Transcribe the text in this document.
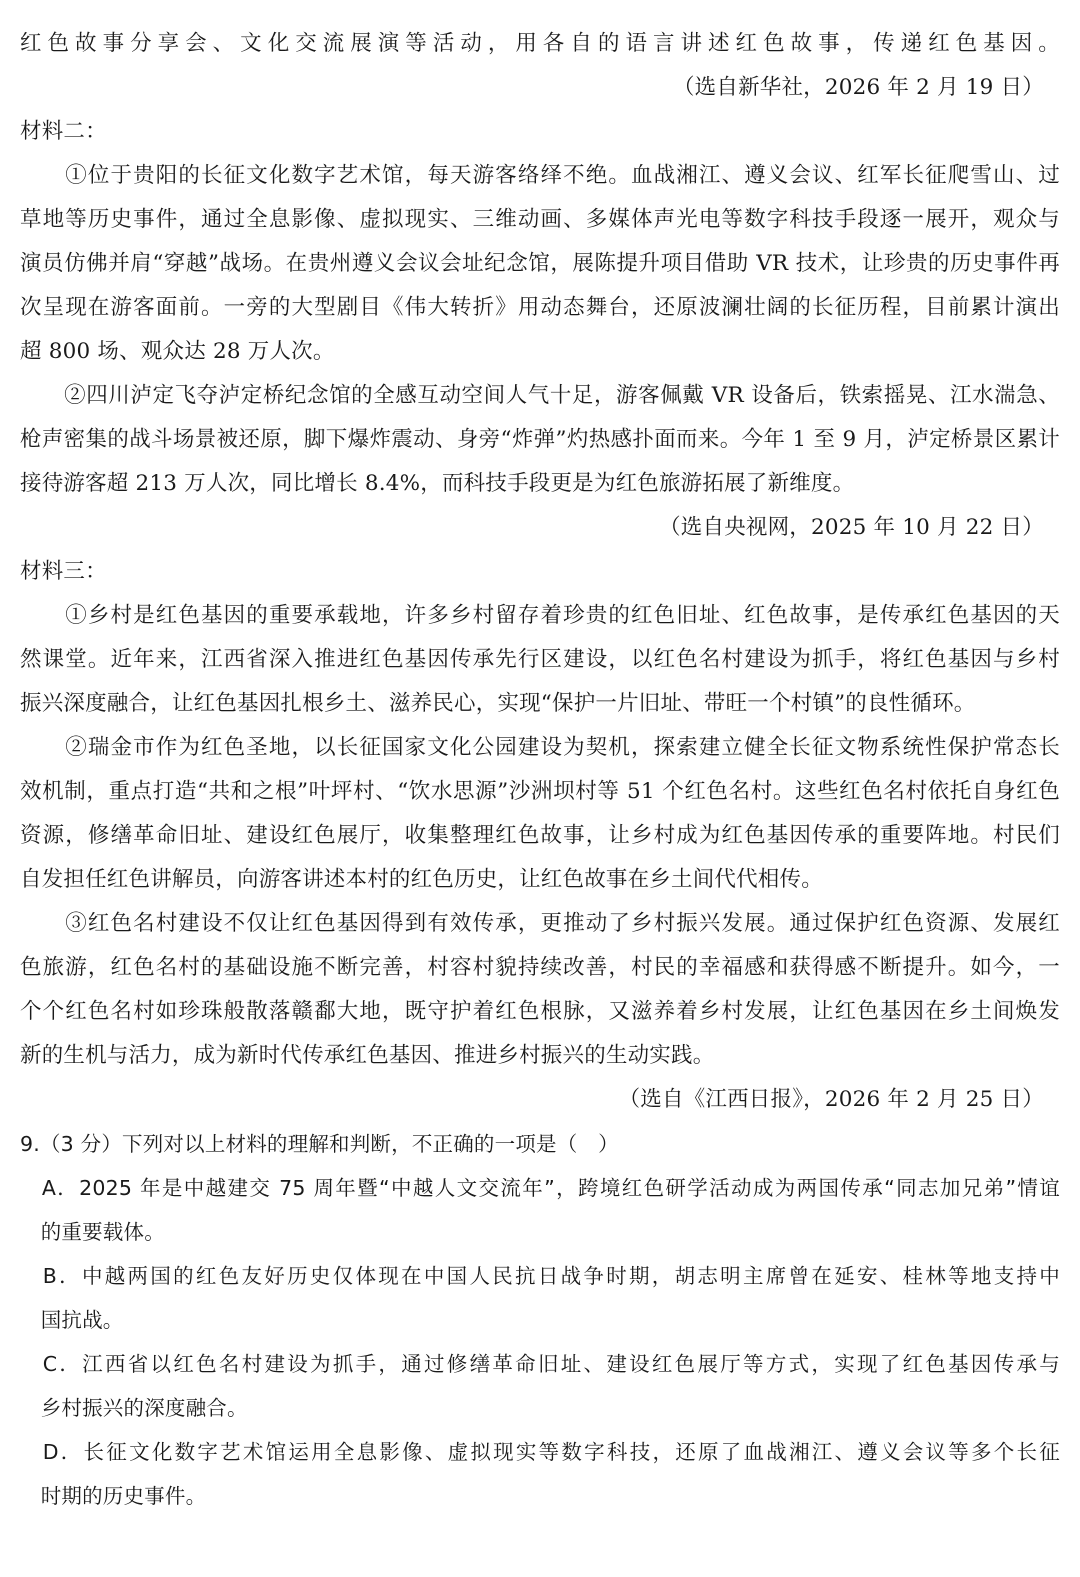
红色故事分享会、文化交流展演等活动，用各自的语言讲述红色故事，传递红色基因。
（选自新华社，2026 年 2 月 19 日）
材料二：
　　①位于贵阳的长征文化数字艺术馆，每天游客络绎不绝。血战湘江、遵义会议、红军长征爬雪山、过
草地等历史事件，通过全息影像、虚拟现实、三维动画、多媒体声光电等数字科技手段逐一展开，观众与
演员仿佛并肩“穿越”战场。在贵州遵义会议会址纪念馆，展陈提升项目借助 VR 技术，让珍贵的历史事件再
次呈现在游客面前。一旁的大型剧目《伟大转折》用动态舞台，还原波澜壮阔的长征历程，目前累计演出
超 800 场、观众达 28 万人次。
　　②四川泸定飞夺泸定桥纪念馆的全感互动空间人气十足，游客佩戴 VR 设备后，铁索摇晃、江水湍急、
枪声密集的战斗场景被还原，脚下爆炸震动、身旁“炸弹”灼热感扑面而来。今年 1 至 9 月，泸定桥景区累计
接待游客超 213 万人次，同比增长 8.4%，而科技手段更是为红色旅游拓展了新维度。
（选自央视网，2025 年 10 月 22 日）
材料三：
　　①乡村是红色基因的重要承载地，许多乡村留存着珍贵的红色旧址、红色故事，是传承红色基因的天
然课堂。近年来，江西省深入推进红色基因传承先行区建设，以红色名村建设为抓手，将红色基因与乡村
振兴深度融合，让红色基因扎根乡土、滋养民心，实现“保护一片旧址、带旺一个村镇”的良性循环。
　　②瑞金市作为红色圣地，以长征国家文化公园建设为契机，探索建立健全长征文物系统性保护常态长
效机制，重点打造“共和之根”叶坪村、“饮水思源”沙洲坝村等 51 个红色名村。这些红色名村依托自身红色
资源，修缮革命旧址、建设红色展厅，收集整理红色故事，让乡村成为红色基因传承的重要阵地。村民们
自发担任红色讲解员，向游客讲述本村的红色历史，让红色故事在乡土间代代相传。
　　③红色名村建设不仅让红色基因得到有效传承，更推动了乡村振兴发展。通过保护红色资源、发展红
色旅游，红色名村的基础设施不断完善，村容村貌持续改善，村民的幸福感和获得感不断提升。如今，一
个个红色名村如珍珠般散落赣鄱大地，既守护着红色根脉，又滋养着乡村发展，让红色基因在乡土间焕发
新的生机与活力，成为新时代传承红色基因、推进乡村振兴的生动实践。
（选自《江西日报》，2026 年 2 月 25 日）
9.（3 分）下列对以上材料的理解和判断，不正确的一项是（　）
　A．2025 年是中越建交 75 周年暨“中越人文交流年”，跨境红色研学活动成为两国传承“同志加兄弟”情谊
　的重要载体。
　B．中越两国的红色友好历史仅体现在中国人民抗日战争时期，胡志明主席曾在延安、桂林等地支持中
　国抗战。
　C．江西省以红色名村建设为抓手，通过修缮革命旧址、建设红色展厅等方式，实现了红色基因传承与
　乡村振兴的深度融合。
　D．长征文化数字艺术馆运用全息影像、虚拟现实等数字科技，还原了血战湘江、遵义会议等多个长征
　时期的历史事件。
